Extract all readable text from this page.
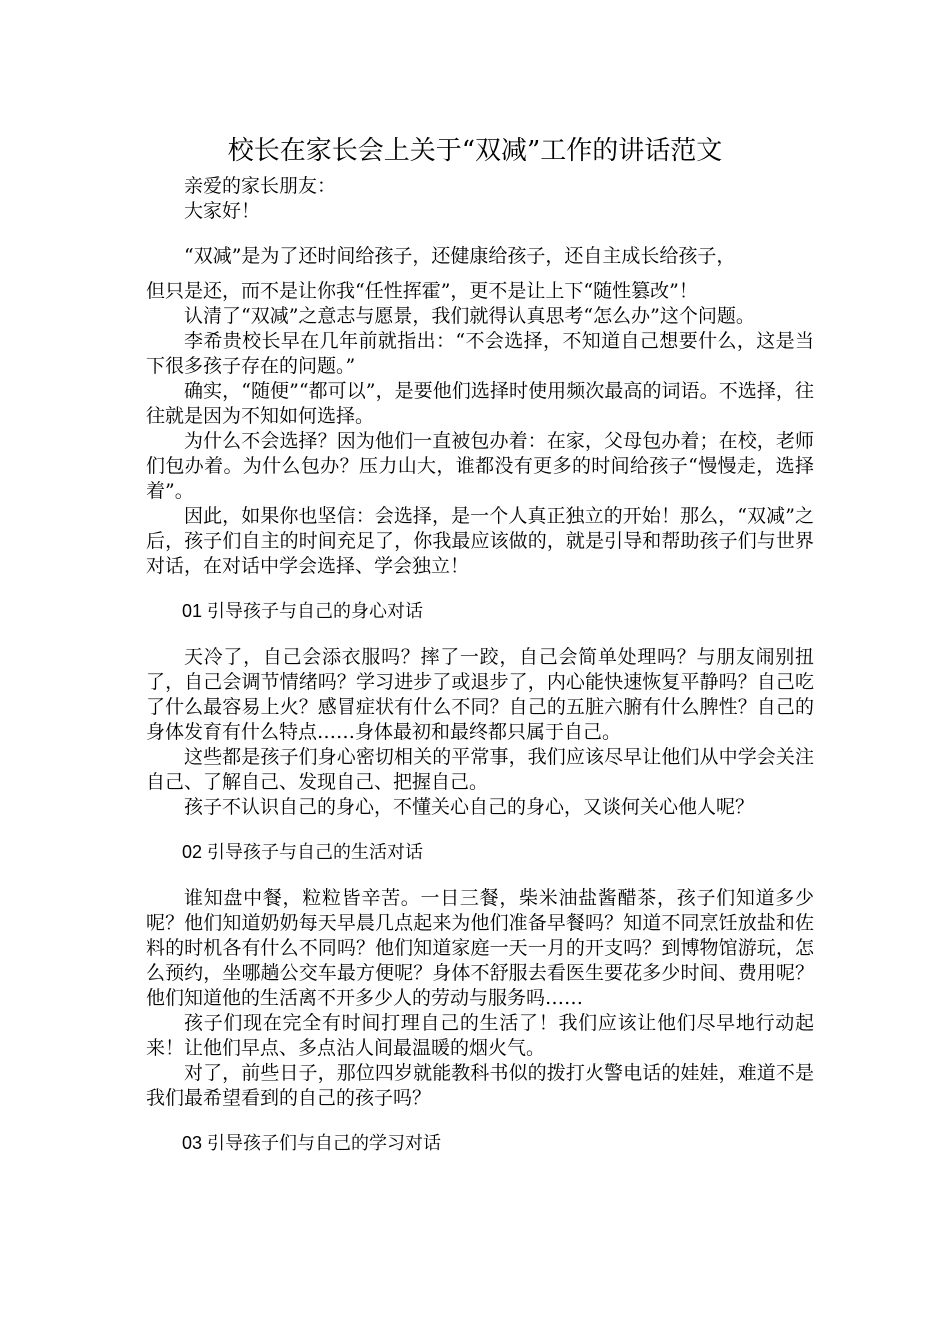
校长在家长会上关于“双减”工作的讲话范文

亲爱的家长朋友：

大家好！

“双减”是为了还时间给孩子，还健康给孩子，还自主成长给孩子，

但只是还，而不是让你我“任性挥霍”，更不是让上下“随性篡改”！

认清了“双减”之意志与愿景，我们就得认真思考“怎么办”这个问题。

李希贵校长早在几年前就指出：“不会选择，不知道自己想要什么，这是当下很多孩子存在的问题。”

确实，“随便”“都可以”，是要他们选择时使用频次最高的词语。不选择，往往就是因为不知如何选择。

为什么不会选择？因为他们一直被包办着：在家，父母包办着；在校，老师们包办着。为什么包办？压力山大，谁都没有更多的时间给孩子“慢慢走，选择着”。

因此，如果你也坚信：会选择，是一个人真正独立的开始！那么，“双减”之后，孩子们自主的时间充足了，你我最应该做的，就是引导和帮助孩子们与世界对话，在对话中学会选择、学会独立！

01 引导孩子与自己的身心对话

天冷了，自己会添衣服吗？摔了一跤，自己会简单处理吗？与朋友闹别扭了，自己会调节情绪吗？学习进步了或退步了，内心能快速恢复平静吗？自己吃了什么最容易上火？感冒症状有什么不同？自己的五脏六腑有什么脾性？自己的身体发育有什么特点……身体最初和最终都只属于自己。

这些都是孩子们身心密切相关的平常事，我们应该尽早让他们从中学会关注自己、了解自己、发现自己、把握自己。

孩子不认识自己的身心，不懂关心自己的身心，又谈何关心他人呢？

02 引导孩子与自己的生活对话

谁知盘中餐，粒粒皆辛苦。一日三餐，柴米油盐酱醋茶，孩子们知道多少呢？他们知道奶奶每天早晨几点起来为他们准备早餐吗？知道不同烹饪放盐和佐料的时机各有什么不同吗？他们知道家庭一天一月的开支吗？到博物馆游玩，怎么预约，坐哪趟公交车最方便呢？身体不舒服去看医生要花多少时间、费用呢？他们知道他的生活离不开多少人的劳动与服务吗……

孩子们现在完全有时间打理自己的生活了！我们应该让他们尽早地行动起来！让他们早点、多点沾人间最温暖的烟火气。

对了，前些日子，那位四岁就能教科书似的拨打火警电话的娃娃，难道不是我们最希望看到的自己的孩子吗？

03 引导孩子们与自己的学习对话
